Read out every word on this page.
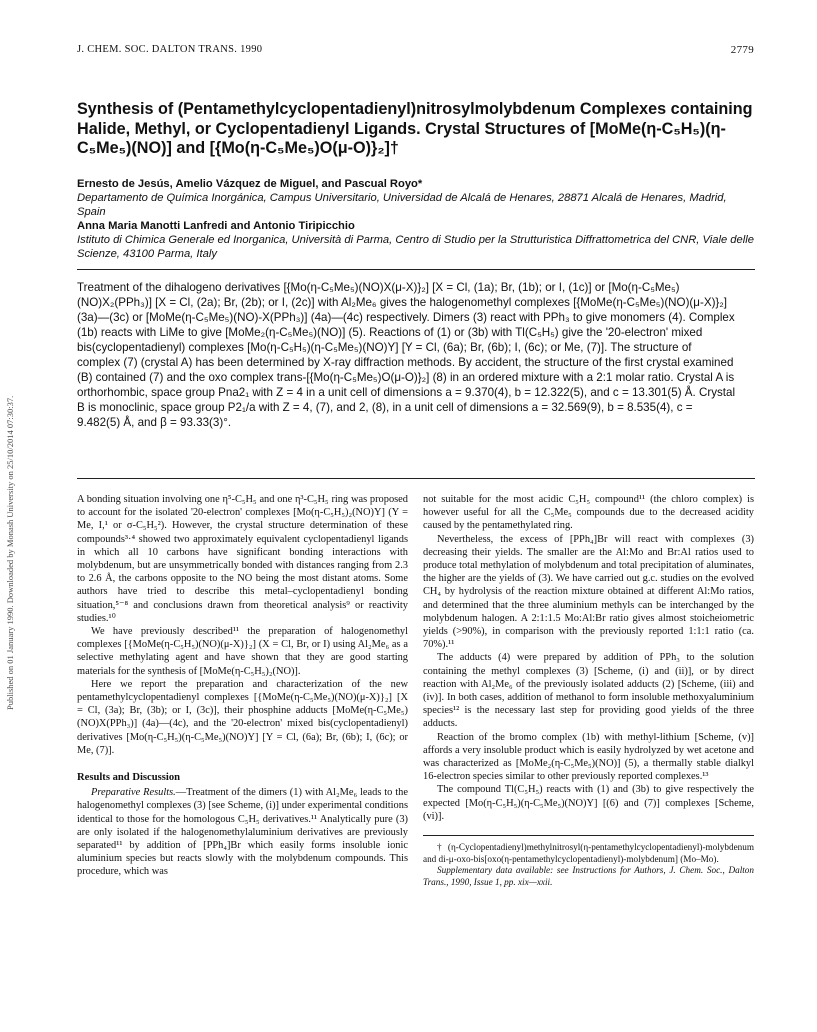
Published on 01 January 1990. Downloaded by Monash University on 25/10/2014 07:30:37.
J. CHEM. SOC. DALTON TRANS. 1990	2779
Synthesis of (Pentamethylcyclopentadienyl)nitrosylmolybdenum Complexes containing Halide, Methyl, or Cyclopentadienyl Ligands. Crystal Structures of [MoMe(η-C₅H₅)(η-C₅Me₅)(NO)] and [{Mo(η-C₅Me₅)O(μ-O)}₂]†
Ernesto de Jesús, Amelio Vázquez de Miguel, and Pascual Royo*
Departamento de Química Inorgánica, Campus Universitario, Universidad de Alcalá de Henares, 28871 Alcalá de Henares, Madrid, Spain
Anna Maria Manotti Lanfredi and Antonio Tiripicchio
Istituto di Chimica Generale ed Inorganica, Università di Parma, Centro di Studio per la Strutturistica Diffrattometrica del CNR, Viale delle Scienze, 43100 Parma, Italy

Treatment of the dihalogeno derivatives [{Mo(η-C₅Me₅)(NO)X(μ-X)}₂] [X = Cl, (1a); Br, (1b); or I, (1c)] or [Mo(η-C₅Me₅)(NO)X₂(PPh₃)] [X = Cl, (2a); Br, (2b); or I, (2c)] with Al₂Me₆ gives the halogenomethyl complexes [{MoMe(η-C₅Me₅)(NO)(μ-X)}₂] (3a)—(3c) or [MoMe(η-C₅Me₅)(NO)-X(PPh₃)] (4a)—(4c) respectively. Dimers (3) react with PPh₃ to give monomers (4). Complex (1b) reacts with LiMe to give [MoMe₂(η-C₅Me₅)(NO)] (5). Reactions of (1) or (3b) with Tl(C₅H₅) give the '20-electron' mixed bis(cyclopentadienyl) complexes [Mo(η-C₅H₅)(η-C₅Me₅)(NO)Y] [Y = Cl, (6a); Br, (6b); I, (6c); or Me, (7)]. The structure of complex (7) (crystal A) has been determined by X-ray diffraction methods. By accident, the structure of the first crystal examined (B) contained (7) and the oxo complex trans-[{Mo(η-C₅Me₅)O(μ-O)}₂] (8) in an ordered mixture with a 2:1 molar ratio. Crystal A is orthorhombic, space group Pna2₁ with Z = 4 in a unit cell of dimensions a = 9.370(4), b = 12.322(5), and c = 13.301(5) Å. Crystal B is monoclinic, space group P2₁/a with Z = 4, (7), and 2, (8), in a unit cell of dimensions a = 32.569(9), b = 8.535(4), c = 9.482(5) Å, and β = 93.33(3)°.

A bonding situation involving one η⁵-C₅H₅ and one η³-C₅H₅ ring was proposed to account for the isolated '20-electron' complexes [Mo(η-C₅H₅)₂(NO)Y] (Y = Me, I,¹ or σ-C₅H₅²). However, the crystal structure determination of these compounds³·⁴ showed two approximately equivalent cyclopentadienyl ligands in which all 10 carbons have significant bonding interactions with molybdenum, but are unsymmetrically bonded with distances ranging from 2.3 to 2.6 Å, the carbons opposite to the NO being the most distant atoms. Some authors have tried to describe this metal–cyclopentadienyl bonding situation,⁵⁻⁸ and conclusions drawn from theoretical analysis⁹ or reactivity studies.¹⁰

We have previously described¹¹ the preparation of halogenomethyl complexes [{MoMe(η-C₅H₅)(NO)(μ-X)}₂] (X = Cl, Br, or I) using Al₂Me₆ as a selective methylating agent and have shown that they are good starting materials for the synthesis of [MoMe(η-C₅H₅)₂(NO)].

Here we report the preparation and characterization of the new pentamethylcyclopentadienyl complexes [{MoMe(η-C₅Me₅)(NO)(μ-X)}₂] [X = Cl, (3a); Br, (3b); or I, (3c)], their phosphine adducts [MoMe(η-C₅Me₅)(NO)X(PPh₃)] (4a)—(4c), and the '20-electron' mixed bis(cyclopentadienyl) derivatives [Mo(η-C₅H₅)(η-C₅Me₅)(NO)Y] [Y = Cl, (6a); Br, (6b); I, (6c); or Me, (7)].

Results and Discussion

Preparative Results.—Treatment of the dimers (1) with Al₂Me₆ leads to the halogenomethyl complexes (3) [see Scheme, (i)] under experimental conditions identical to those for the homologous C₅H₅ derivatives.¹¹ Analytically pure (3) are only isolated if the halogenomethylaluminium derivatives are previously separated¹¹ by addition of [PPh₄]Br which easily forms insoluble ionic aluminium species but reacts slowly with the molybdenum compounds. This procedure, which was

not suitable for the most acidic C₅H₅ compound¹¹ (the chloro complex) is however useful for all the C₅Me₅ compounds due to the decreased acidity caused by the pentamethylated ring.

Nevertheless, the excess of [PPh₄]Br will react with complexes (3) decreasing their yields. The smaller are the Al:Mo and Br:Al ratios used to produce total methylation of molybdenum and total precipitation of aluminates, the higher are the yields of (3). We have carried out g.c. studies on the evolved CH₄ by hydrolysis of the reaction mixture obtained at different Al:Mo ratios, and determined that the three aluminium methyls can be interchanged by the molybdenum halogen. A 2:1:1.5 Mo:Al:Br ratio gives almost stoicheiometric yields (>90%), in comparison with the previously reported 1:1:1 ratio (ca. 70%).¹¹

The adducts (4) were prepared by addition of PPh₃ to the solution containing the methyl complexes (3) [Scheme, (i) and (ii)], or by direct reaction with Al₂Me₆ of the previously isolated adducts (2) [Scheme, (iii) and (iv)]. In both cases, addition of methanol to form insoluble methoxyaluminium species¹² is the necessary last step for providing good yields of the three adducts.

Reaction of the bromo complex (1b) with methyl-lithium [Scheme, (v)] affords a very insoluble product which is easily hydrolyzed by wet acetone and was characterized as [MoMe₂(η-C₅Me₅)(NO)] (5), a thermally stable dialkyl 16-electron species similar to other previously reported complexes.¹³

The compound Tl(C₅H₅) reacts with (1) and (3b) to give respectively the expected [Mo(η-C₅H₅)(η-C₅Me₅)(NO)Y] [(6) and (7)] complexes [Scheme, (vi)].

†(η-Cyclopentadienyl)methylnitrosyl(η-pentamethylcyclopentadienyl)-molybdenum and di-μ-oxo-bis[oxo(η-pentamethylcyclopentadienyl)-molybdenum] (Mo–Mo).

Supplementary data available: see Instructions for Authors, J. Chem. Soc., Dalton Trans., 1990, Issue 1, pp. xix—xxii.
